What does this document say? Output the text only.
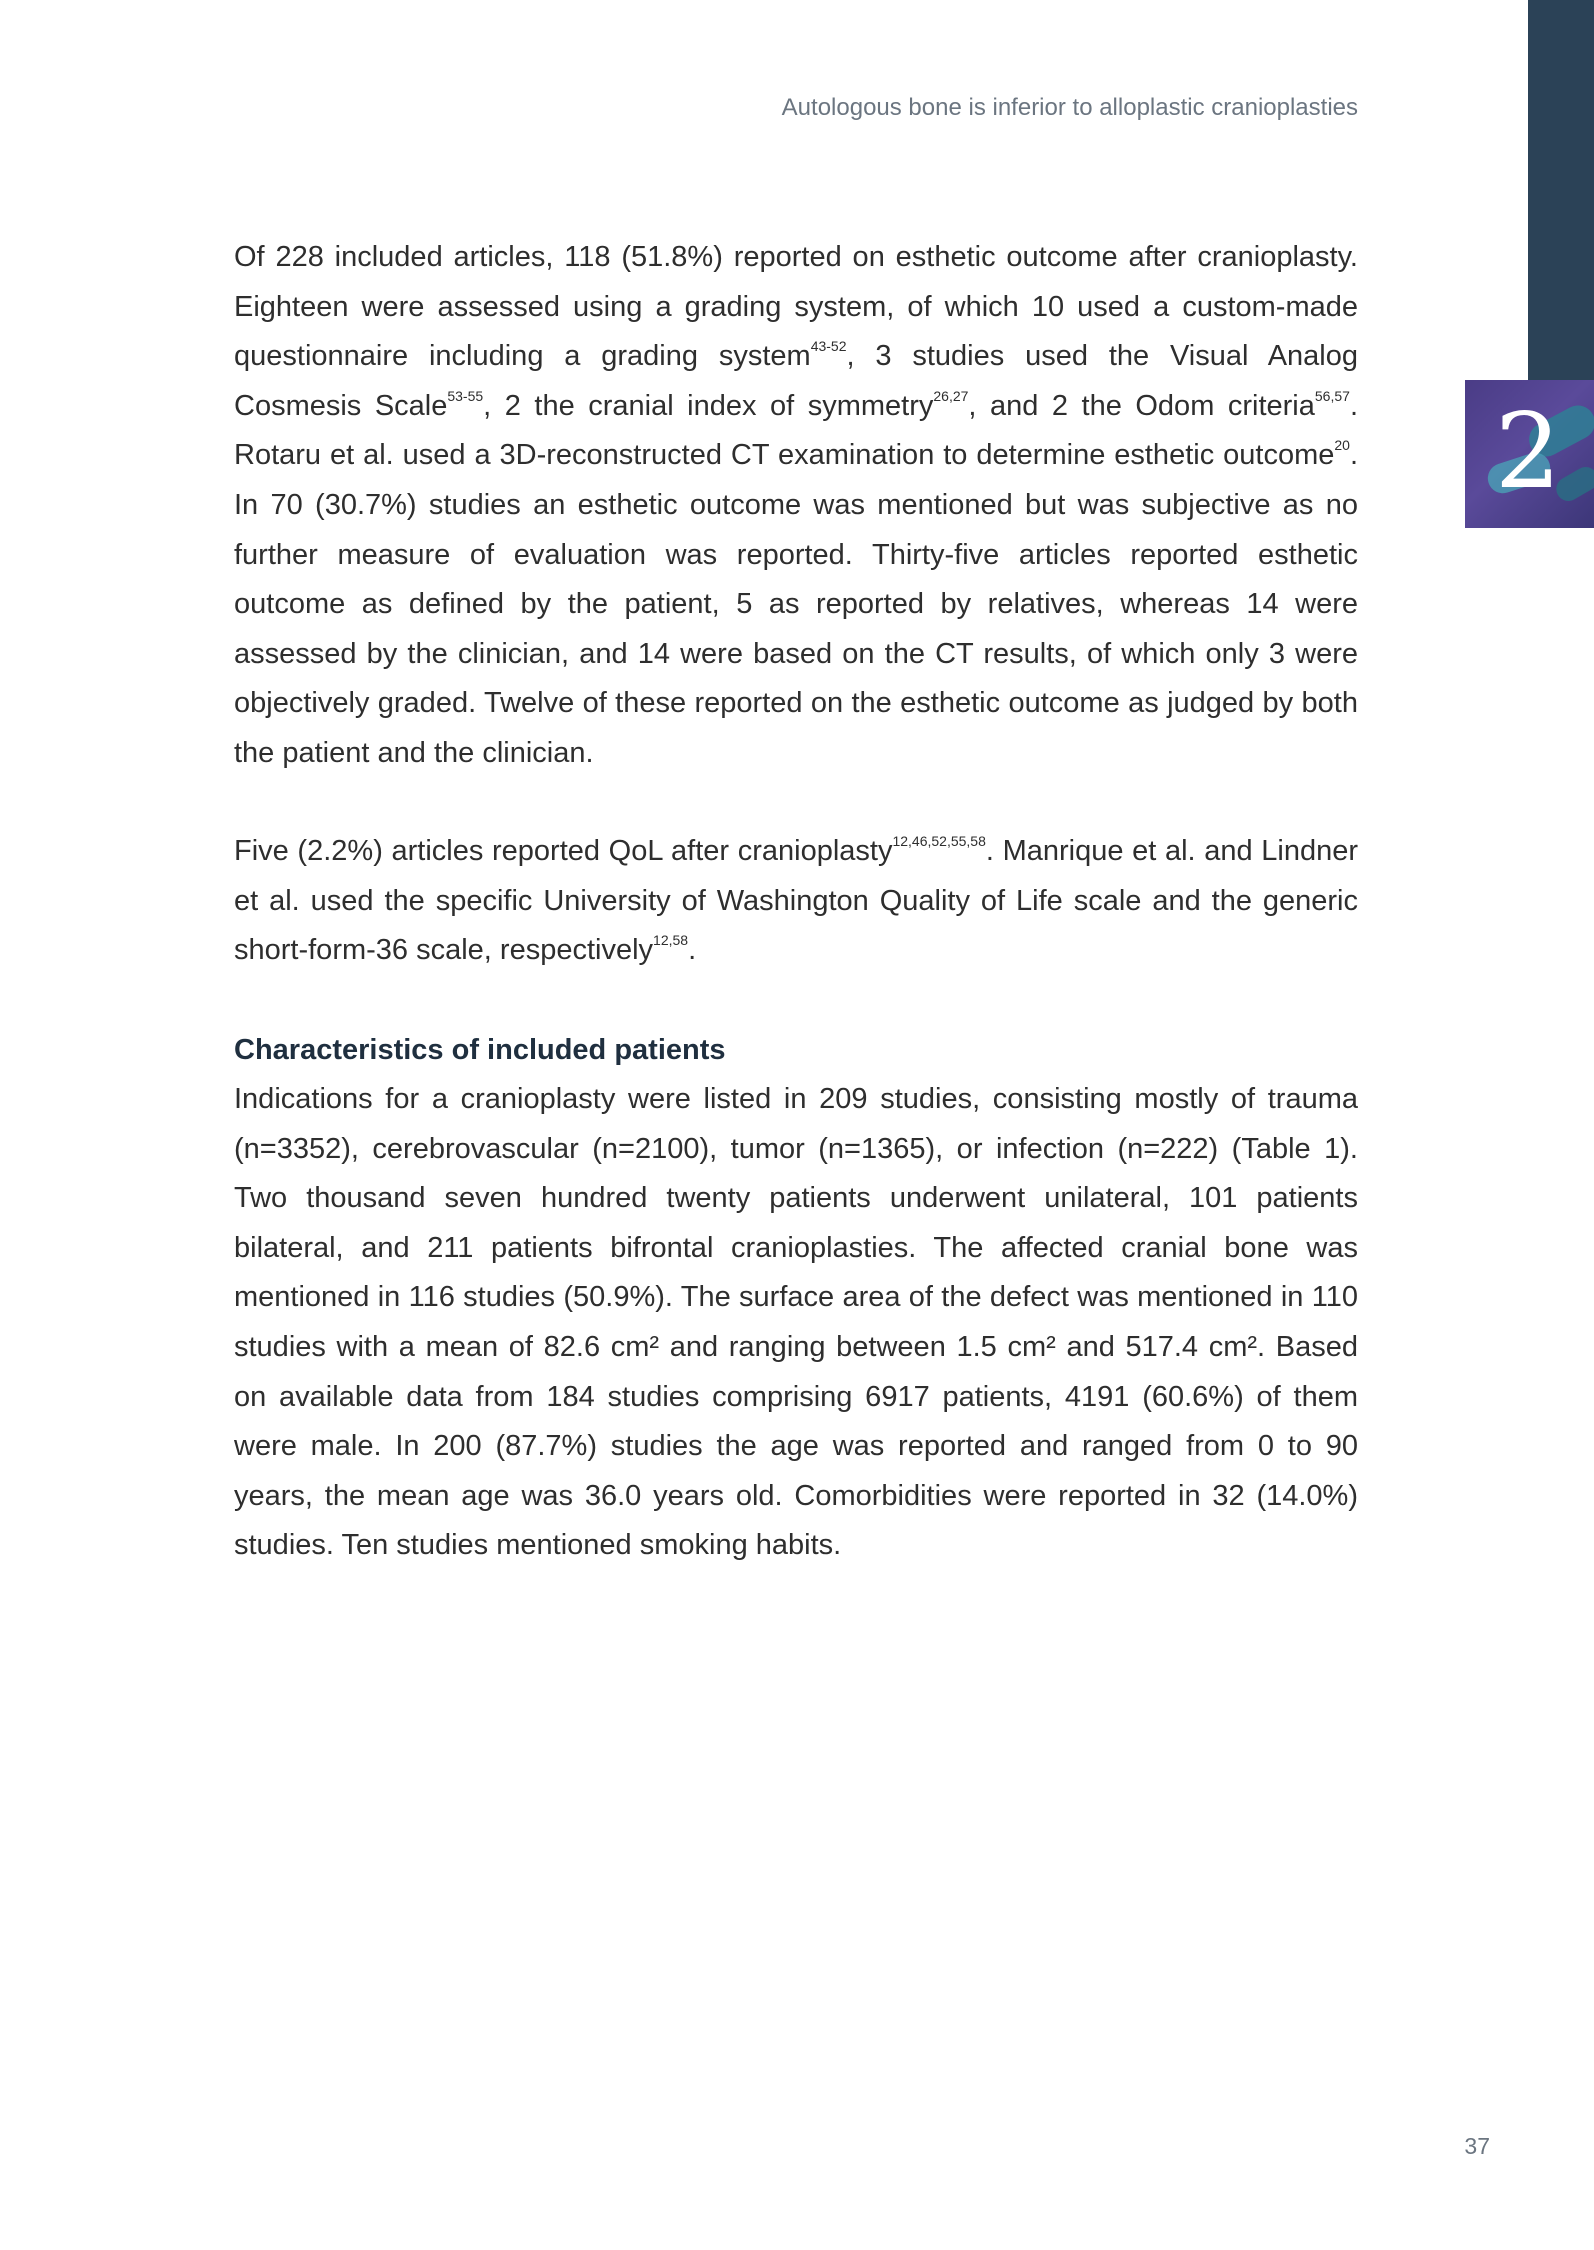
2
Autologous bone is inferior to alloplastic cranioplasties

Of 228 included articles, 118 (51.8%) reported on esthetic outcome after cranioplasty. Eighteen were assessed using a grading system, of which 10 used a custom-made questionnaire including a grading system$^{43-52}$, 3 studies used the Visual Analog Cosmesis Scale$^{53-55}$, 2 the cranial index of symmetry$^{26,27}$, and 2 the Odom criteria$^{56,57}$. Rotaru et al. used a 3D-reconstructed CT examination to determine esthetic outcome$^{20}$. In 70 (30.7%) studies an esthetic outcome was mentioned but was subjective as no further measure of evaluation was reported. Thirty-five articles reported esthetic outcome as defined by the patient, 5 as reported by relatives, whereas 14 were assessed by the clinician, and 14 were based on the CT results, of which only 3 were objectively graded. Twelve of these reported on the esthetic outcome as judged by both the patient and the clinician.

Five (2.2%) articles reported QoL after cranioplasty$^{12,46,52,55,58}$. Manrique et al. and Lindner et al. used the specific University of Washington Quality of Life scale and the generic short-form-36 scale, respectively$^{12,58}$.

Characteristics of included patients

Indications for a cranioplasty were listed in 209 studies, consisting mostly of trauma (n=3352), cerebrovascular (n=2100), tumor (n=1365), or infection (n=222) (Table 1). Two thousand seven hundred twenty patients underwent unilateral, 101 patients bilateral, and 211 patients bifrontal cranioplasties. The affected cranial bone was mentioned in 116 studies (50.9%). The surface area of the defect was mentioned in 110 studies with a mean of 82.6 cm² and ranging between 1.5 cm² and 517.4 cm². Based on available data from 184 studies comprising 6917 patients, 4191 (60.6%) of them were male. In 200 (87.7%) studies the age was reported and ranged from 0 to 90 years, the mean age was 36.0 years old. Comorbidities were reported in 32 (14.0%) studies. Ten studies mentioned smoking habits.

37
